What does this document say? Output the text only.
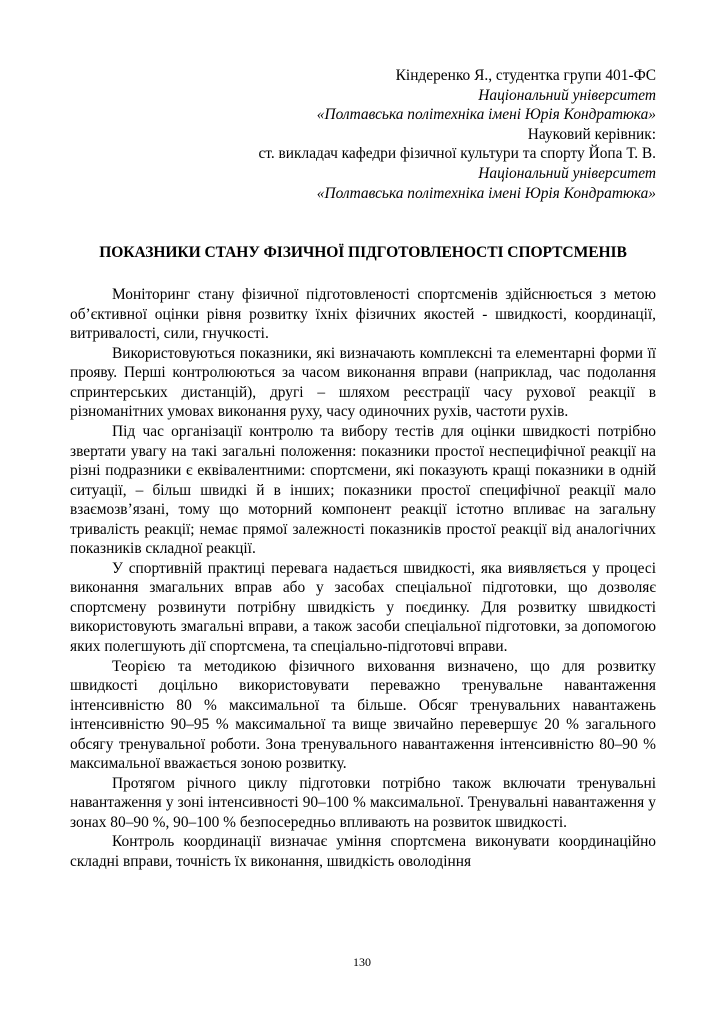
Кіндеренко Я., студентка групи 401-ФС
Національний університет
«Полтавська політехніка імені Юрія Кондратюка»
Науковий керівник:
ст. викладач кафедри фізичної культури та спорту Йопа Т. В.
Національний університет
«Полтавська політехніка імені Юрія Кондратюка»
ПОКАЗНИКИ СТАНУ ФІЗИЧНОЇ ПІДГОТОВЛЕНОСТІ СПОРТСМЕНІВ

Моніторинг стану фізичної підготовленості спортсменів здійснюється з метою об’єктивної оцінки рівня розвитку їхніх фізичних якостей - швидкості, координації, витривалості, сили, гнучкості.

Використовуються показники, які визначають комплексні та елементарні форми її прояву. Перші контролюються за часом виконання вправи (наприклад, час подолання спринтерських дистанцій), другі – шляхом реєстрації часу рухової реакції в різноманітних умовах виконання руху, часу одиночних рухів, частоти рухів.

Під час організації контролю та вибору тестів для оцінки швидкості потрібно звертати увагу на такі загальні положення: показники простої неспецифічної реакції на різні подразники є еквівалентними: спортсмени, які показують кращі показники в одній ситуації, – більш швидкі й в інших; показники простої специфічної реакції мало взаємозв’язані, тому що моторний компонент реакції істотно впливає на загальну тривалість реакції; немає прямої залежності показників простої реакції від аналогічних показників складної реакції.

У спортивній практиці перевага надається швидкості, яка виявляється у процесі виконання змагальних вправ або у засобах спеціальної підготовки, що дозволяє спортсмену розвинути потрібну швидкість у поєдинку. Для розвитку швидкості використовують змагальні вправи, а також засоби спеціальної підготовки, за допомогою яких полегшують дії спортсмена, та спеціально-підготовчі вправи.

Теорією та методикою фізичного виховання визначено, що для розвитку швидкості доцільно використовувати переважно тренувальне навантаження інтенсивністю 80 % максимальної та більше. Обсяг тренувальних навантажень інтенсивністю 90–95 % максимальної та вище звичайно перевершує 20 % загального обсягу тренувальної роботи. Зона тренувального навантаження інтенсивністю 80–90 % максимальної вважається зоною розвитку.

Протягом річного циклу підготовки потрібно також включати тренувальні навантаження у зоні інтенсивності 90–100 % максимальної. Тренувальні навантаження у зонах 80–90 %, 90–100 % безпосередньо впливають на розвиток швидкості.

Контроль координації визначає уміння спортсмена виконувати координаційно складні вправи, точність їх виконання, швидкість оволодіння

130
